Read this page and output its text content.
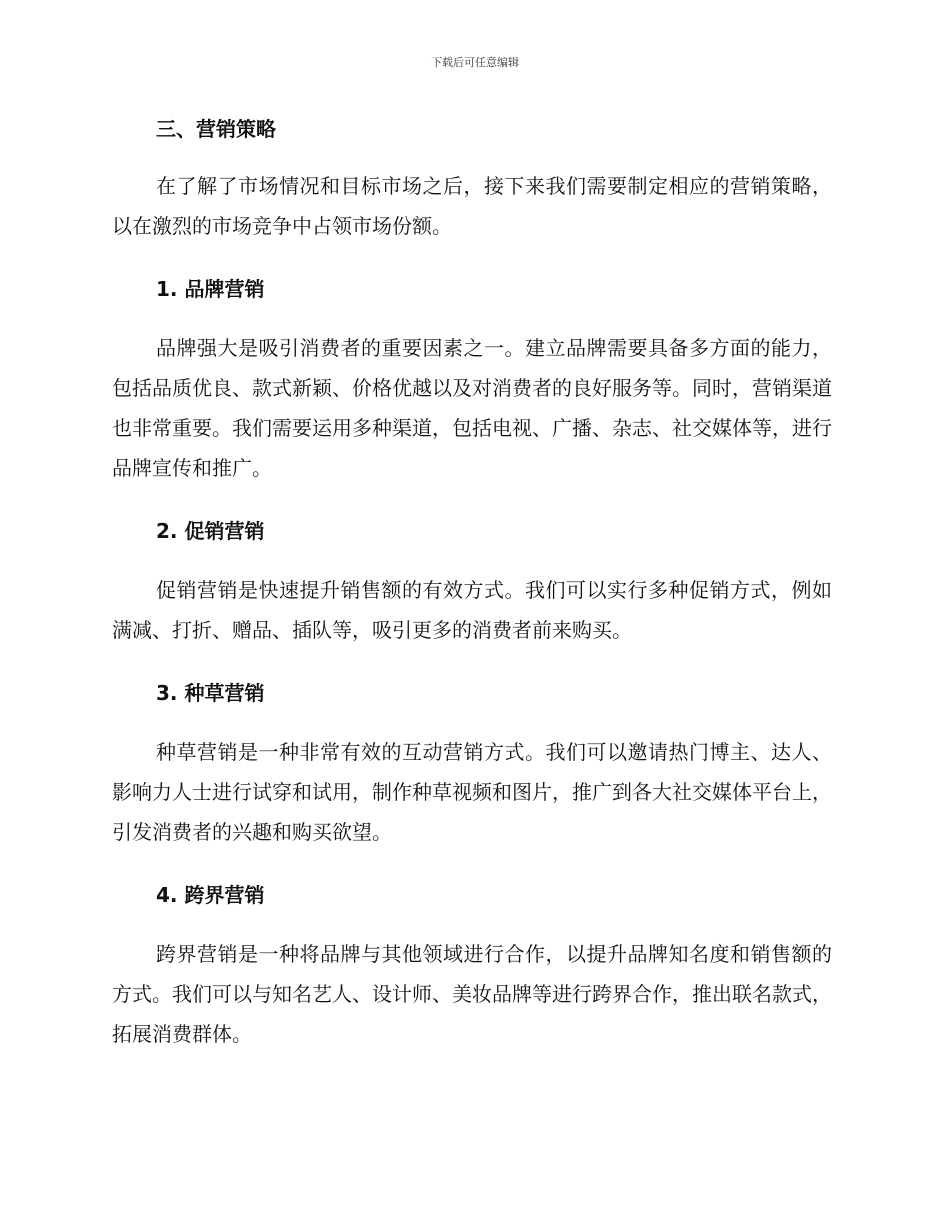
下载后可任意编辑
三、营销策略

在了解了市场情况和目标市场之后，接下来我们需要制定相应的营销策略，以在激烈的市场竞争中占领市场份额。

1. 品牌营销

品牌强大是吸引消费者的重要因素之一。建立品牌需要具备多方面的能力，包括品质优良、款式新颖、价格优越以及对消费者的良好服务等。同时，营销渠道也非常重要。我们需要运用多种渠道，包括电视、广播、杂志、社交媒体等，进行品牌宣传和推广。

2. 促销营销

促销营销是快速提升销售额的有效方式。我们可以实行多种促销方式，例如满减、打折、赠品、插队等，吸引更多的消费者前来购买。

3. 种草营销

种草营销是一种非常有效的互动营销方式。我们可以邀请热门博主、达人、影响力人士进行试穿和试用，制作种草视频和图片，推广到各大社交媒体平台上，引发消费者的兴趣和购买欲望。

4. 跨界营销

跨界营销是一种将品牌与其他领域进行合作，以提升品牌知名度和销售额的方式。我们可以与知名艺人、设计师、美妆品牌等进行跨界合作，推出联名款式，拓展消费群体。
